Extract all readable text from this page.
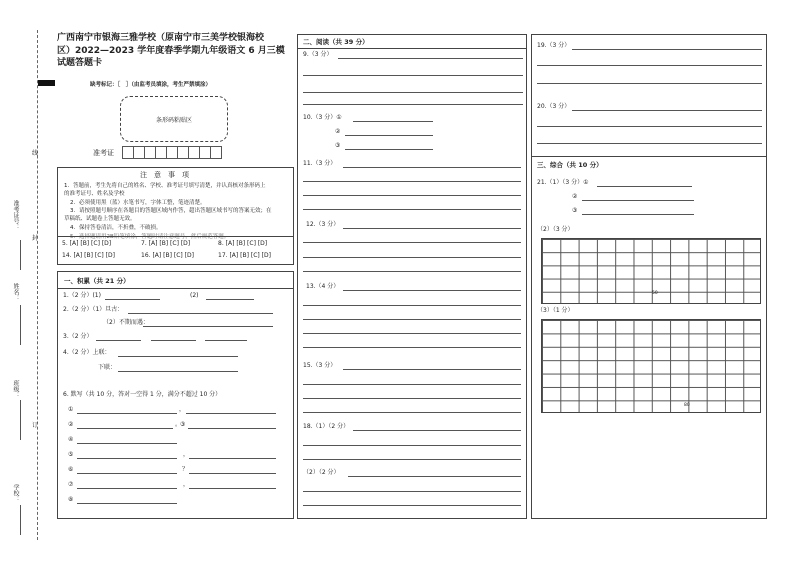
线
准考证号：
封
姓名：
班级：
订
学校：
广西南宁市银海三雅学校（原南宁市三美学校银海校
区）2022—2023 学年度春季学期九年级语文 6 月三模
试题答题卡
缺考标记：［　］（由监考员填涂，考生严禁填涂）
条形码粘贴区
准考证
注　意　事　项
1．答题前，考生先将自己的姓名、学校、准考证号填写清楚，并认真核对条形码上
的准考证号、姓名及学校
2．必须使用黑（蓝）水笔书写，字体工整，笔迹清楚。
3．请按照题号顺序在各题目的答题区域内作答，超出答题区域书写的答案无效；在
草稿纸、试题卷上答题无效。
4．保持答卷清洁，不折叠，不破损。
5．选择题请用2B铅笔填涂，答题时请注意题号，然后规范答题。
5. [A] [B] [C] [D]	7. [A] [B] [C] [D]	8. [A] [B] [C] [D]
14. [A] [B] [C] [D]	16. [A] [B] [C] [D]	17. [A] [B] [C] [D]
一、积累（共 21 分）
1.（2 分）(1)	(2)
2.（2 分）（1）旦古：
（2）不期而遇：
3.（2 分）
4.（2 分）上联：
下联：
6. 默写（共 10 分，答对一空得 1 分，满分不超过 10 分）
①	，
②	。
③
④
⑤	，
⑥	？
⑦	，
⑧
二、阅读（共 39 分）
9.（3 分）
10.（3 分）①
②
③
11.（3 分）
12.（3 分）
13.（4 分）
15.（3 分）
18.（1）（2 分）
（2）（2 分）
19.（3 分）
20.（3 分）
三、综合（共 10 分）
21.（1）（3 分）①
②
③
（2）（3 分）
50
（3）（1 分）
80
